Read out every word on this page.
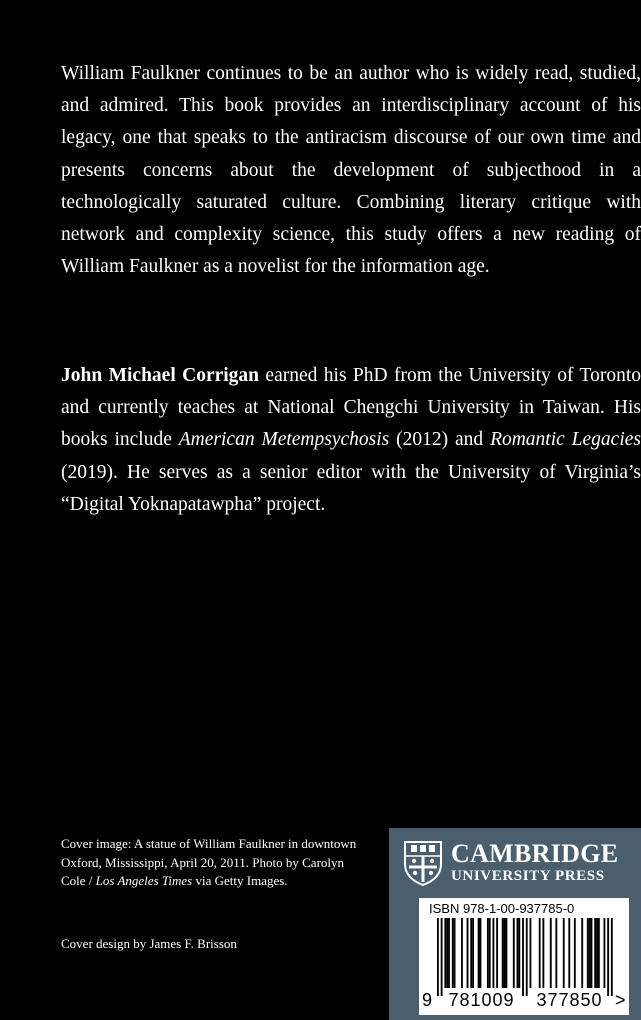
William Faulkner continues to be an author who is widely read, studied, and admired. This book provides an interdisciplinary account of his legacy, one that speaks to the antiracism discourse of our own time and presents concerns about the development of subjecthood in a technologically saturated culture. Combining literary critique with network and complexity science, this study offers a new reading of William Faulkner as a novelist for the information age.

John Michael Corrigan earned his PhD from the University of Toronto and currently teaches at National Chengchi University in Taiwan. His books include American Metempsychosis (2012) and Romantic Legacies (2019). He serves as a senior editor with the University of Virginia’s “Digital Yoknapatawpha” project.

Cover image: A statue of William Faulkner in downtown Oxford, Mississippi, April 20, 2011. Photo by Carolyn Cole / Los Angeles Times via Getty Images.

Cover design by James F. Brisson

CAMBRIDGE
UNIVERSITY PRESS
ISBN 978-1-00-937785-0
9 781009	377850 >
